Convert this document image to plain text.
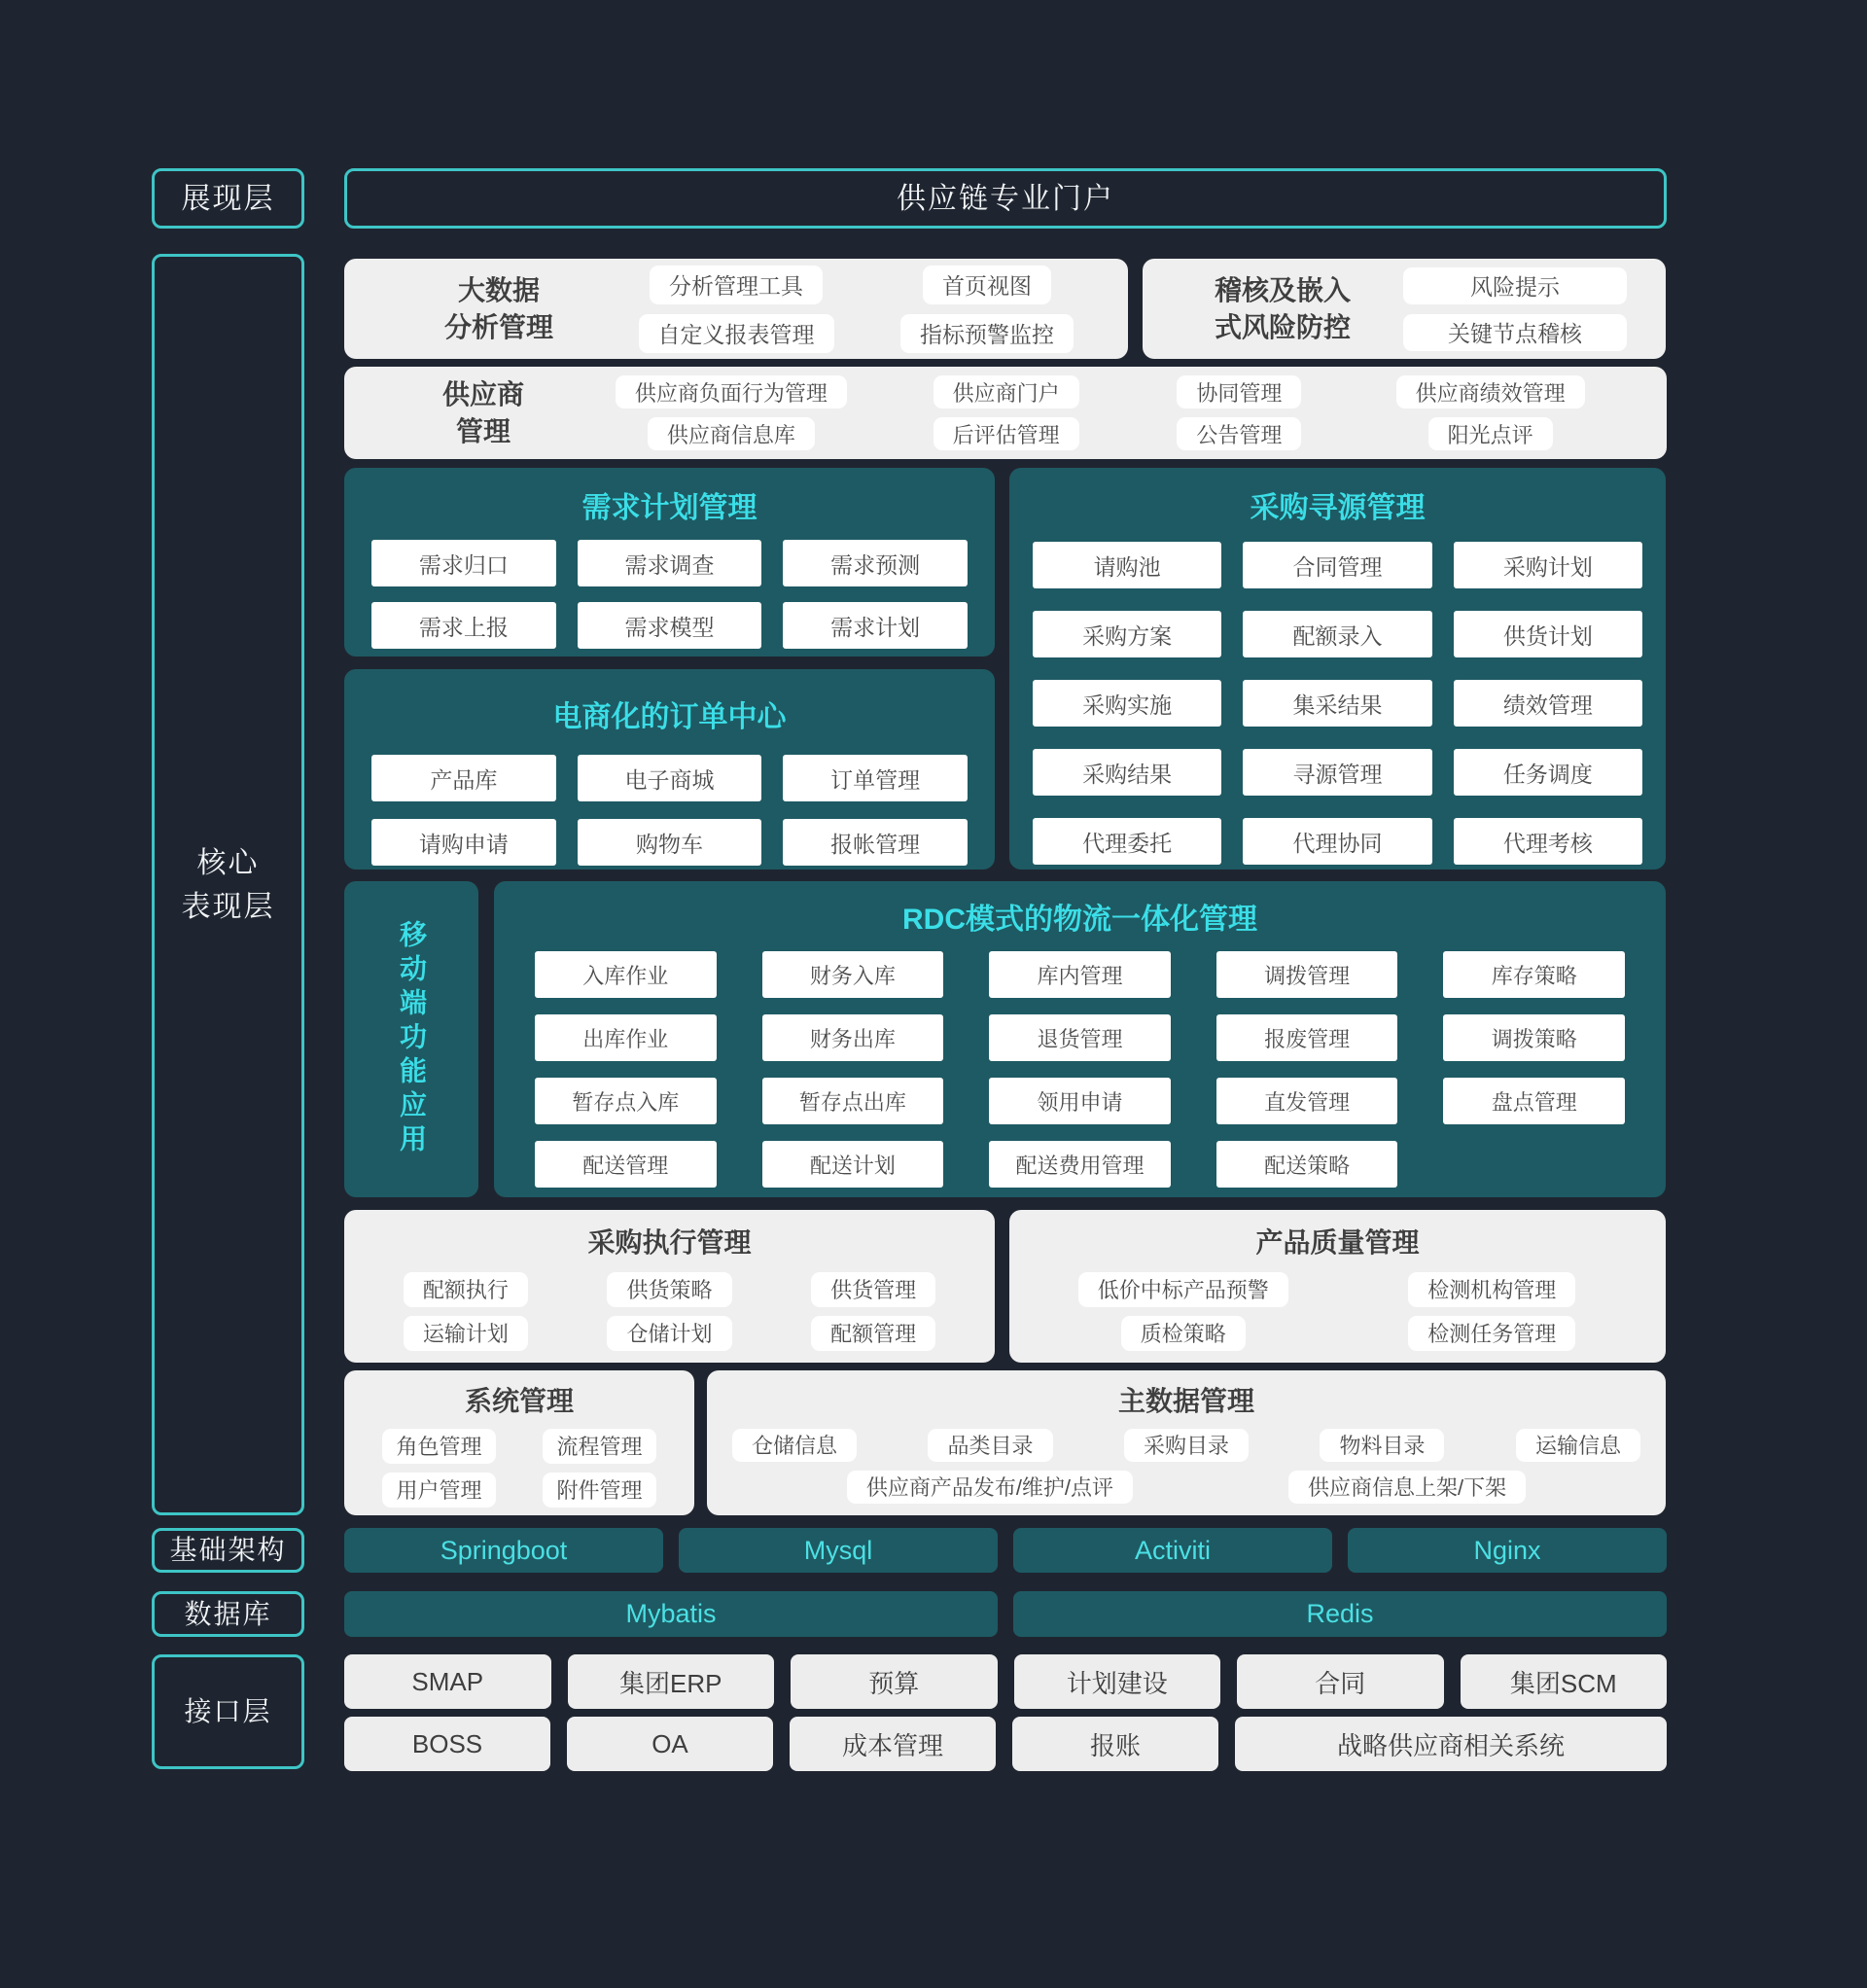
展现层
核心
表现层
基础架构
数据库
接口层
供应链专业门户
大数据
分析管理
分析管理工具	首页视图
自定义报表管理	指标预警监控
稽核及嵌入
式风险防控
风险提示
关键节点稽核
供应商
管理
供应商负面行为管理	供应商门户	协同管理	供应商绩效管理
供应商信息库	后评估管理	公告管理	阳光点评
需求计划管理
需求归口	需求调查	需求预测
需求上报	需求模型	需求计划
采购寻源管理
请购池	合同管理	采购计划
采购方案	配额录入	供货计划
采购实施	集采结果	绩效管理
采购结果	寻源管理	任务调度
代理委托	代理协同	代理考核
电商化的订单中心
产品库	电子商城	订单管理
请购申请	购物车	报帐管理
移动端功能应用
RDC模式的物流一体化管理
入库作业	财务入库	库内管理	调拨管理	库存策略
出库作业	财务出库	退货管理	报废管理	调拨策略
暂存点入库	暂存点出库	领用申请	直发管理	盘点管理
配送管理	配送计划	配送费用管理	配送策略
采购执行管理
配额执行	供货策略	供货管理
运输计划	仓储计划	配额管理
产品质量管理
低价中标产品预警	检测机构管理
质检策略	检测任务管理
系统管理
角色管理	流程管理
用户管理	附件管理
主数据管理
仓储信息	品类目录	采购目录	物料目录	运输信息
供应商产品发布/维护/点评	供应商信息上架/下架
Springboot	Mysql	Activiti	Nginx
Mybatis	Redis
SMAP	集团ERP	预算	计划建设	合同	集团SCM
BOSS	OA	成本管理	报账	战略供应商相关系统
